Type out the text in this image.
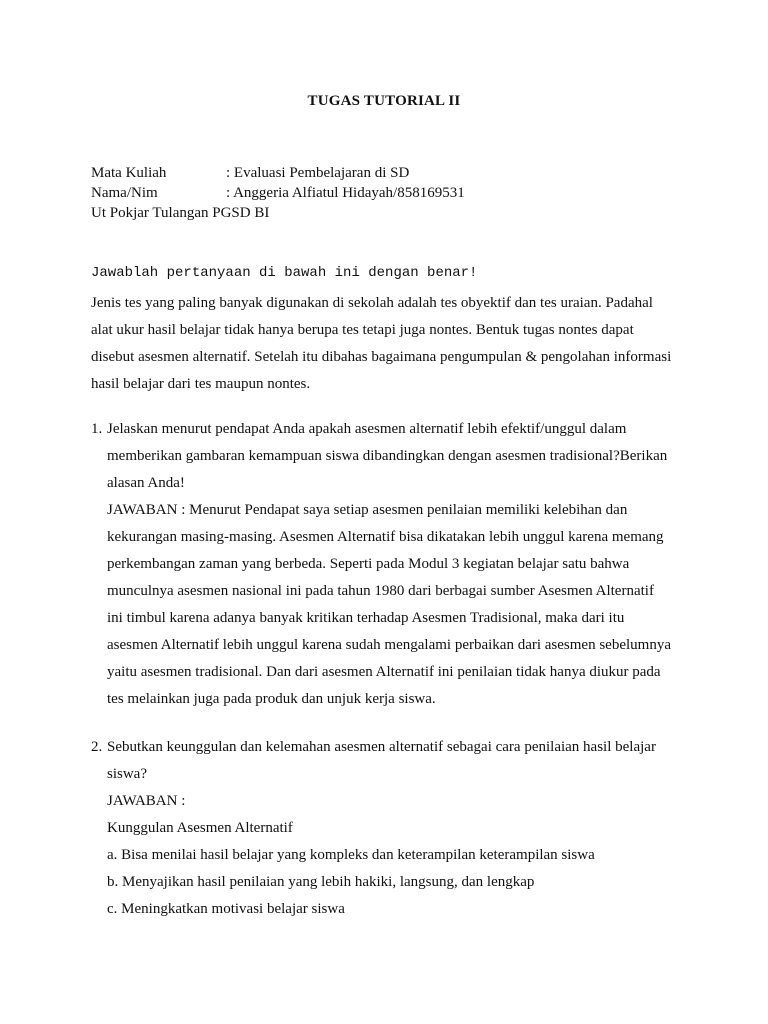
TUGAS TUTORIAL II
Mata Kuliah	: Evaluasi Pembelajaran di SD
Nama/Nim	: Anggeria Alfiatul Hidayah/858169531
Ut Pokjar Tulangan PGSD BI
Jawablah pertanyaan di bawah ini dengan benar!
Jenis tes yang paling banyak digunakan di sekolah adalah tes obyektif dan tes uraian. Padahal
alat ukur hasil belajar tidak hanya berupa tes tetapi juga nontes. Bentuk tugas nontes dapat
disebut asesmen alternatif. Setelah itu dibahas bagaimana pengumpulan & pengolahan informasi
hasil belajar dari tes maupun nontes.
1. Jelaskan menurut pendapat Anda apakah asesmen alternatif lebih efektif/unggul dalam
memberikan gambaran kemampuan siswa dibandingkan dengan asesmen tradisional?Berikan
alasan Anda!
JAWABAN : Menurut Pendapat saya setiap asesmen penilaian memiliki kelebihan dan
kekurangan masing-masing. Asesmen Alternatif bisa dikatakan lebih unggul karena memang
perkembangan zaman yang berbeda. Seperti pada Modul 3 kegiatan belajar satu bahwa
munculnya asesmen nasional ini pada tahun 1980 dari berbagai sumber Asesmen Alternatif
ini timbul karena adanya banyak kritikan terhadap Asesmen Tradisional, maka dari itu
asesmen Alternatif lebih unggul karena sudah mengalami perbaikan dari asesmen sebelumnya
yaitu asesmen tradisional. Dan dari asesmen Alternatif ini penilaian tidak hanya diukur pada
tes melainkan juga pada produk dan unjuk kerja siswa.
2. Sebutkan keunggulan dan kelemahan asesmen alternatif sebagai cara penilaian hasil belajar
siswa?
JAWABAN :
Kunggulan Asesmen Alternatif
a. Bisa menilai hasil belajar yang kompleks dan keterampilan keterampilan siswa
b. Menyajikan hasil penilaian yang lebih hakiki, langsung, dan lengkap
c. Meningkatkan motivasi belajar siswa
